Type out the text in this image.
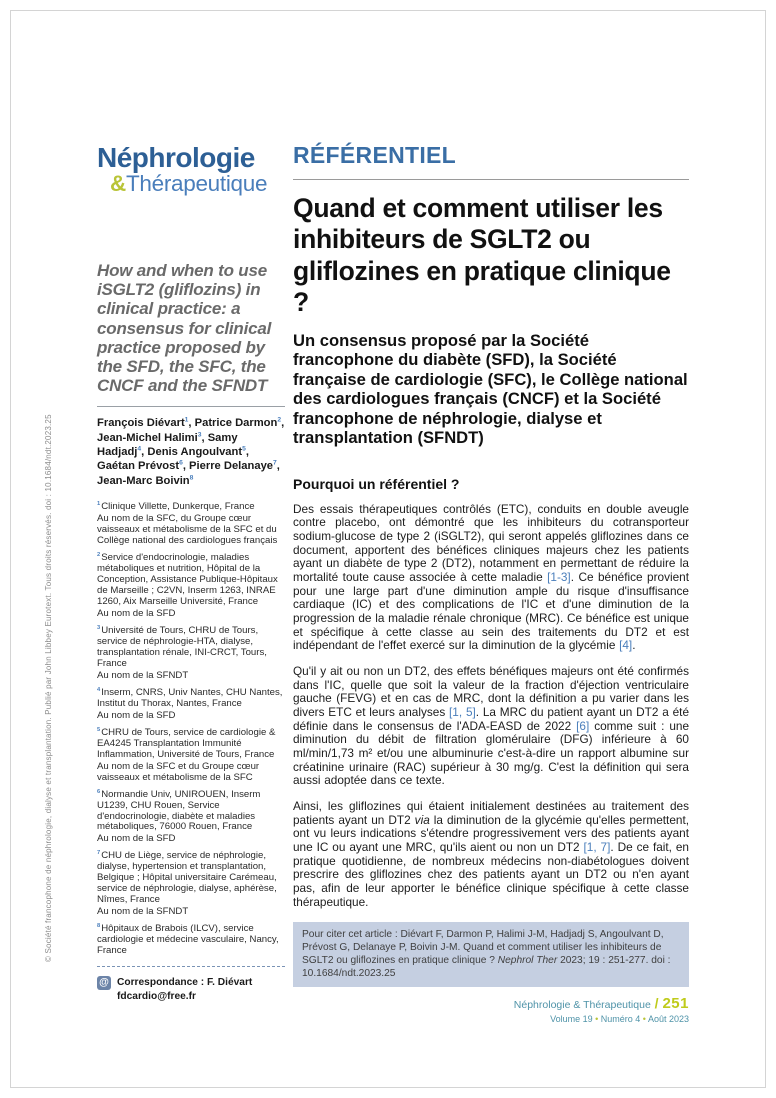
© Société francophone de néphrologie, dialyse et transplantation. Publié par John Libbey Eurotext. Tous droits réservés. doi : 10.1684/ndt.2023.25
Néphrologie
&Thérapeutique
How and when to use iSGLT2 (gliflozins) in clinical practice: a consensus for clinical practice proposed by the SFD, the SFC, the CNCF and the SFNDT
François Diévart$^1$, Patrice Darmon$^2$, Jean-Michel Halimi$^3$, Samy Hadjadj$^4$, Denis Angoulvant$^5$, Gaétan Prévost$^6$, Pierre Delanaye$^7$, Jean-Marc Boivin$^8$
$^1$Clinique Villette, Dunkerque, France
Au nom de la SFC, du Groupe cœur vaisseaux et métabolisme de la SFC et du Collège national des cardiologues français
$^2$Service d'endocrinologie, maladies métaboliques et nutrition, Hôpital de la Conception, Assistance Publique-Hôpitaux de Marseille ; C2VN, Inserm 1263, INRAE 1260, Aix Marseille Université, France
Au nom de la SFD
$^3$Université de Tours, CHRU de Tours, service de néphrologie-HTA, dialyse, transplantation rénale, INI-CRCT, Tours, France
Au nom de la SFNDT
$^4$Inserm, CNRS, Univ Nantes, CHU Nantes, Institut du Thorax, Nantes, France
Au nom de la SFD
$^5$CHRU de Tours, service de cardiologie & EA4245 Transplantation Immunité Inflammation, Université de Tours, France
Au nom de la SFC et du Groupe cœur vaisseaux et métabolisme de la SFC
$^6$Normandie Univ, UNIROUEN, Inserm U1239, CHU Rouen, Service d'endocrinologie, diabète et maladies métaboliques, 76000 Rouen, France
Au nom de la SFD
$^7$CHU de Liège, service de néphrologie, dialyse, hypertension et transplantation, Belgique ; Hôpital universitaire Carémeau, service de néphrologie, dialyse, aphérèse, Nîmes, France
Au nom de la SFNDT
$^8$Hôpitaux de Brabois (ILCV), service cardiologie et médecine vasculaire, Nancy, France
@ Correspondance : F. Diévart
fdcardio@free.fr
RÉFÉRENTIEL
Quand et comment utiliser les inhibiteurs de SGLT2 ou gliflozines en pratique clinique ?
Un consensus proposé par la Société francophone du diabète (SFD), la Société française de cardiologie (SFC), le Collège national des cardiologues français (CNCF) et la Société francophone de néphrologie, dialyse et transplantation (SFNDT)
Pourquoi un référentiel ?

Des essais thérapeutiques contrôlés (ETC), conduits en double aveugle contre placebo, ont démontré que les inhibiteurs du cotransporteur sodium-glucose de type 2 (iSGLT2), qui seront appelés gliflozines dans ce document, apportent des bénéfices cliniques majeurs chez les patients ayant un diabète de type 2 (DT2), notamment en permettant de réduire la mortalité toute cause associée à cette maladie [1-3]. Ce bénéfice provient pour une large part d'une diminution ample du risque d'insuffisance cardiaque (IC) et des complications de l'IC et d'une diminution de la progression de la maladie rénale chronique (MRC). Ce bénéfice est unique et spécifique à cette classe au sein des traitements du DT2 et est indépendant de l'effet exercé sur la diminution de la glycémie [4].

Qu'il y ait ou non un DT2, des effets bénéfiques majeurs ont été confirmés dans l'IC, quelle que soit la valeur de la fraction d'éjection ventriculaire gauche (FEVG) et en cas de MRC, dont la définition a pu varier dans les divers ETC et leurs analyses [1, 5]. La MRC du patient ayant un DT2 a été définie dans le consensus de l'ADA-EASD de 2022 [6] comme suit : une diminution du débit de filtration glomérulaire (DFG) inférieure à 60 ml/min/1,73 m² et/ou une albuminurie c'est-à-dire un rapport albumine sur créatinine urinaire (RAC) supérieur à 30 mg/g. C'est la définition qui sera aussi adoptée dans ce texte.

Ainsi, les gliflozines qui étaient initialement destinées au traitement des patients ayant un DT2 via la diminution de la glycémie qu'elles permettent, ont vu leurs indications s'étendre progressivement vers des patients ayant une IC ou ayant une MRC, qu'ils aient ou non un DT2 [1, 7]. De ce fait, en pratique quotidienne, de nombreux médecins non-diabétologues doivent prescrire des gliflozines chez des patients ayant un DT2 ou n'en ayant pas, afin de leur apporter le bénéfice clinique spécifique à cette classe thérapeutique.

Pour citer cet article : Diévart F, Darmon P, Halimi J-M, Hadjadj S, Angoulvant D, Prévost G, Delanaye P, Boivin J-M. Quand et comment utiliser les inhibiteurs de SGLT2 ou gliflozines en pratique clinique ? Nephrol Ther 2023; 19 : 251-277. doi : 10.1684/ndt.2023.25
Néphrologie & Thérapeutique / 251
Volume 19 • Numéro 4 • Août 2023
